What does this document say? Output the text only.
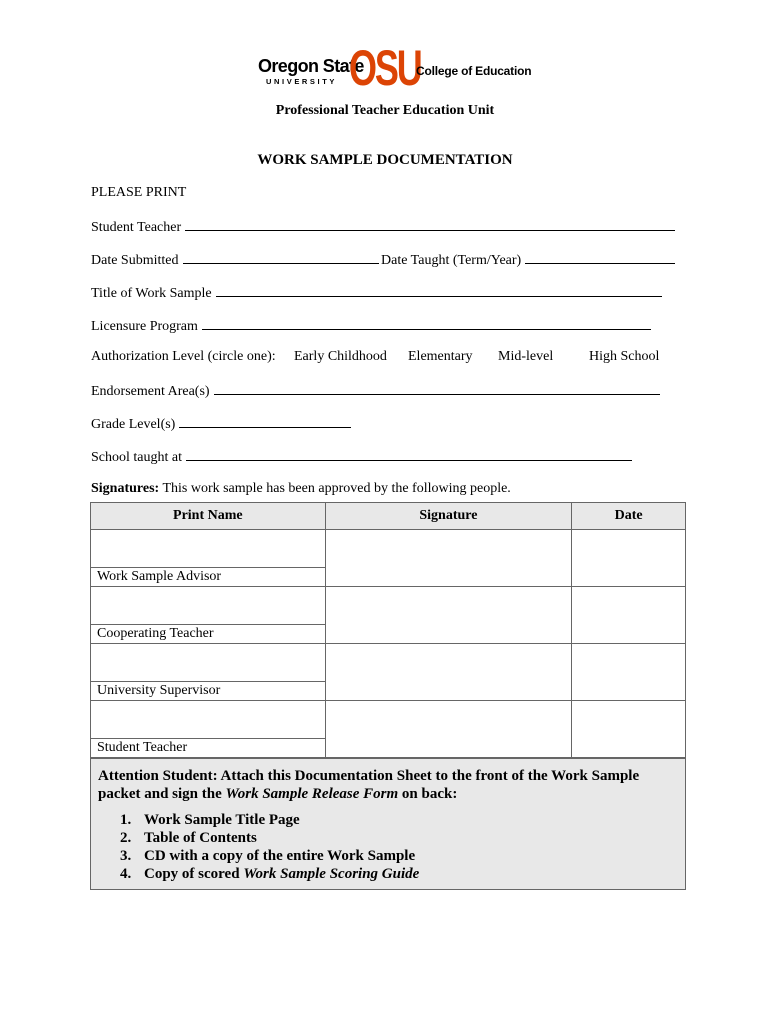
Oregon State
UNIVERSITY OSU
College of Education
Professional Teacher Education Unit
WORK SAMPLE DOCUMENTATION
PLEASE PRINT
Student Teacher
Date Submitted	Date Taught (Term/Year)
Title of Work Sample
Licensure Program
Authorization Level (circle one): Early Childhood Elementary Mid-level	High School
Endorsement Area(s)
Grade Level(s)
School taught at
Signatures: This work sample has been approved by the following people.
Print Name	Signature	Date

Work Sample Advisor		

Cooperating Teacher		

University Supervisor		

Student Teacher		
Attention Student: Attach this Documentation Sheet to the front of the Work Sample packet and sign the Work Sample Release Form on back:
1. Work Sample Title Page
2. Table of Contents
3. CD with a copy of the entire Work Sample
4. Copy of scored Work Sample Scoring Guide
